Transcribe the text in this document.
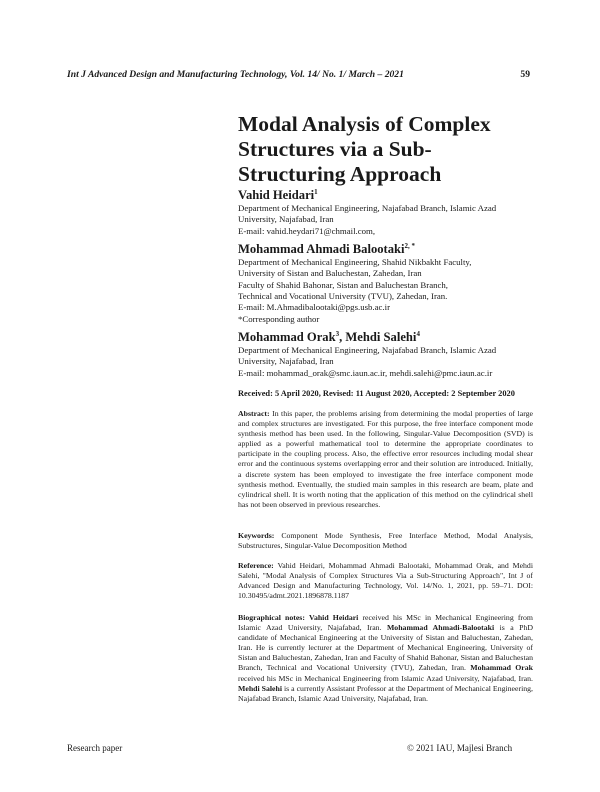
Int J Advanced Design and Manufacturing Technology, Vol. 14/ No. 1/ March – 2021	59
Modal Analysis of Complex
Structures via a Sub-
Structuring Approach

Vahid Heidari$^1$

Department of Mechanical Engineering, Najafabad Branch, Islamic Azad

University, Najafabad, Iran

E-mail: vahid.heydari71@chmail.com,

Mohammad Ahmadi Balootaki$^{2, *}$

Department of Mechanical Engineering, Shahid Nikbakht Faculty,

University of Sistan and Baluchestan, Zahedan, Iran

Faculty of Shahid Bahonar, Sistan and Baluchestan Branch,

Technical and Vocational University (TVU), Zahedan, Iran.

E-mail: M.Ahmadibalootaki@pgs.usb.ac.ir

*Corresponding author

Mohammad Orak$^3$, Mehdi Salehi$^4$

Department of Mechanical Engineering, Najafabad Branch, Islamic Azad

University, Najafabad, Iran

E-mail: mohammad_orak@smc.iaun.ac.ir, mehdi.salehi@pmc.iaun.ac.ir

Received: 5 April 2020, Revised: 11 August 2020, Accepted: 2 September 2020

Abstract: In this paper, the problems arising from determining the modal properties of large and complex structures are investigated. For this purpose, the free interface component mode synthesis method has been used. In the following, Singular-Value Decomposition (SVD) is applied as a powerful mathematical tool to determine the appropriate coordinates to participate in the coupling process. Also, the effective error resources including modal shear error and the continuous systems overlapping error and their solution are introduced. Initially, a discrete system has been employed to investigate the free interface component mode synthesis method. Eventually, the studied main samples in this research are beam, plate and cylindrical shell. It is worth noting that the application of this method on the cylindrical shell has not been observed in previous researches.

Keywords: Component Mode Synthesis, Free Interface Method, Modal Analysis, Substructures, Singular-Value Decomposition Method

Reference: Vahid Heidari, Mohammad Ahmadi Balootaki, Mohammad Orak, and Mehdi Salehi, "Modal Analysis of Complex Structures Via a Sub-Structuring Approach", Int J of Advanced Design and Manufacturing Technology, Vol. 14/No. 1, 2021, pp. 59–71. DOI: 10.30495/admt.2021.1896878.1187

Biographical notes: Vahid Heidari received his MSc in Mechanical Engineering from Islamic Azad University, Najafabad, Iran. Mohammad Ahmadi-Balootaki is a PhD candidate of Mechanical Engineering at the University of Sistan and Baluchestan, Zahedan, Iran. He is currently lecturer at the Department of Mechanical Engineering, University of Sistan and Baluchestan, Zahedan, Iran and Faculty of Shahid Bahonar, Sistan and Baluchestan Branch, Technical and Vocational University (TVU), Zahedan, Iran. Mohammad Orak received his MSc in Mechanical Engineering from Islamic Azad University, Najafabad, Iran. Mehdi Salehi is a currently Assistant Professor at the Department of Mechanical Engineering, Najafabad Branch, Islamic Azad University, Najafabad, Iran.

Research paper	© 2021 IAU, Majlesi Branch
